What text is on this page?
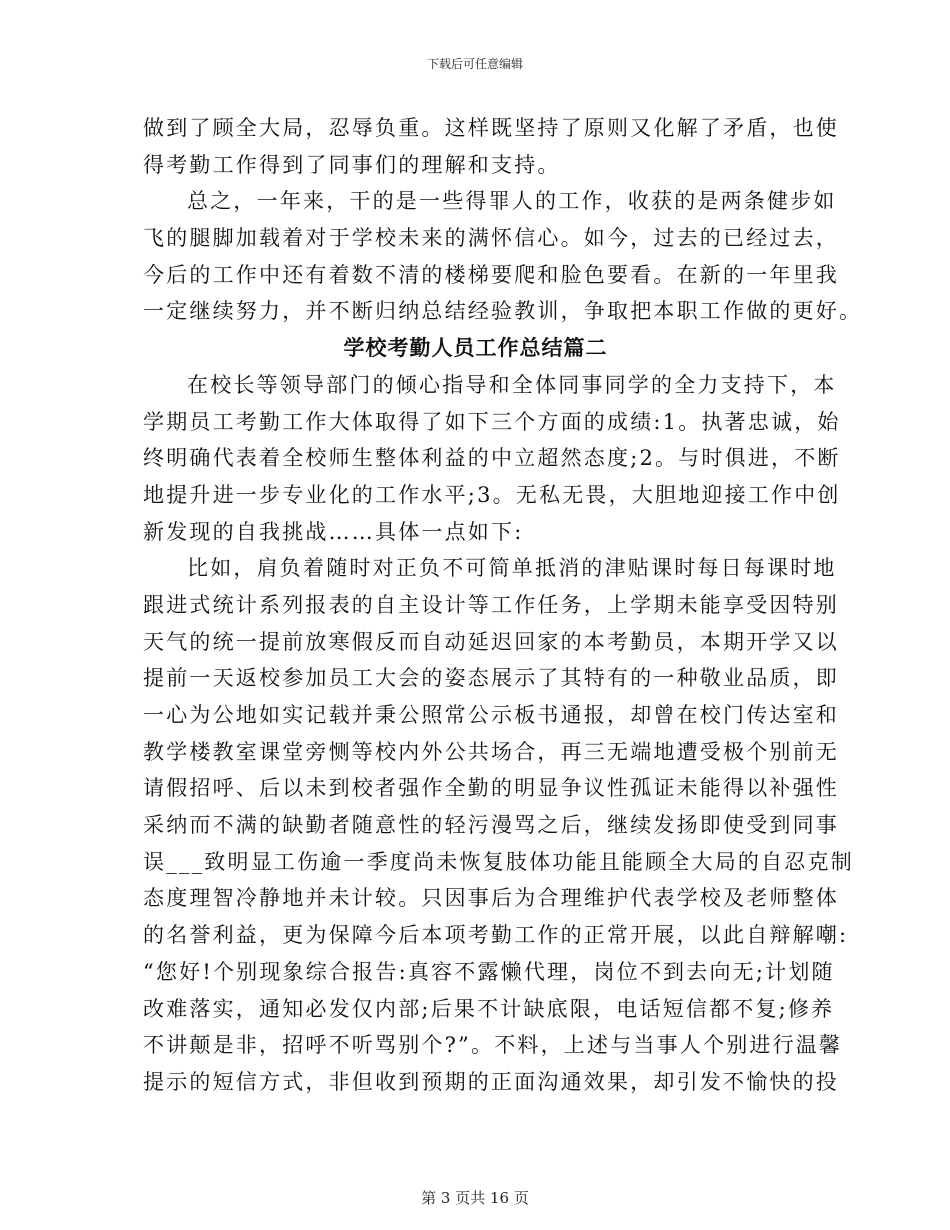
下载后可任意编辑
做到了顾全大局，忍辱负重。这样既坚持了原则又化解了矛盾，也使
得考勤工作得到了同事们的理解和支持。
总之，一年来，干的是一些得罪人的工作，收获的是两条健步如
飞的腿脚加载着对于学校未来的满怀信心。如今，过去的已经过去，
今后的工作中还有着数不清的楼梯要爬和脸色要看。在新的一年里我
一定继续努力，并不断归纳总结经验教训，争取把本职工作做的更好。
学校考勤人员工作总结篇二
在校长等领导部门的倾心指导和全体同事同学的全力支持下，本
学期员工考勤工作大体取得了如下三个方面的成绩:1。执著忠诚，始
终明确代表着全校师生整体利益的中立超然态度;2。与时俱进，不断
地提升进一步专业化的工作水平;3。无私无畏，大胆地迎接工作中创
新发现的自我挑战……具体一点如下:
比如，肩负着随时对正负不可简单抵消的津贴课时每日每课时地
跟进式统计系列报表的自主设计等工作任务，上学期未能享受因特别
天气的统一提前放寒假反而自动延迟回家的本考勤员，本期开学又以
提前一天返校参加员工大会的姿态展示了其特有的一种敬业品质，即
一心为公地如实记载并秉公照常公示板书通报，却曾在校门传达室和
教学楼教室课堂旁恻等校内外公共场合，再三无端地遭受极个别前无
请假招呼、后以未到校者强作全勤的明显争议性孤证未能得以补强性
采纳而不满的缺勤者随意性的轻污漫骂之后，继续发扬即使受到同事
误___致明显工伤逾一季度尚未恢复肢体功能且能顾全大局的自忍克制
态度理智冷静地并未计较。只因事后为合理维护代表学校及老师整体
的名誉利益，更为保障今后本项考勤工作的正常开展，以此自辩解嘲:
“您好!个别现象综合报告:真容不露懒代理，岗位不到去向无;计划随
改难落实，通知必发仅内部;后果不计缺底限，电话短信都不复;修养
不讲颠是非，招呼不听骂别个?”。不料，上述与当事人个别进行温馨
提示的短信方式，非但收到预期的正面沟通效果，却引发不愉快的投
第 3 页共 16 页
